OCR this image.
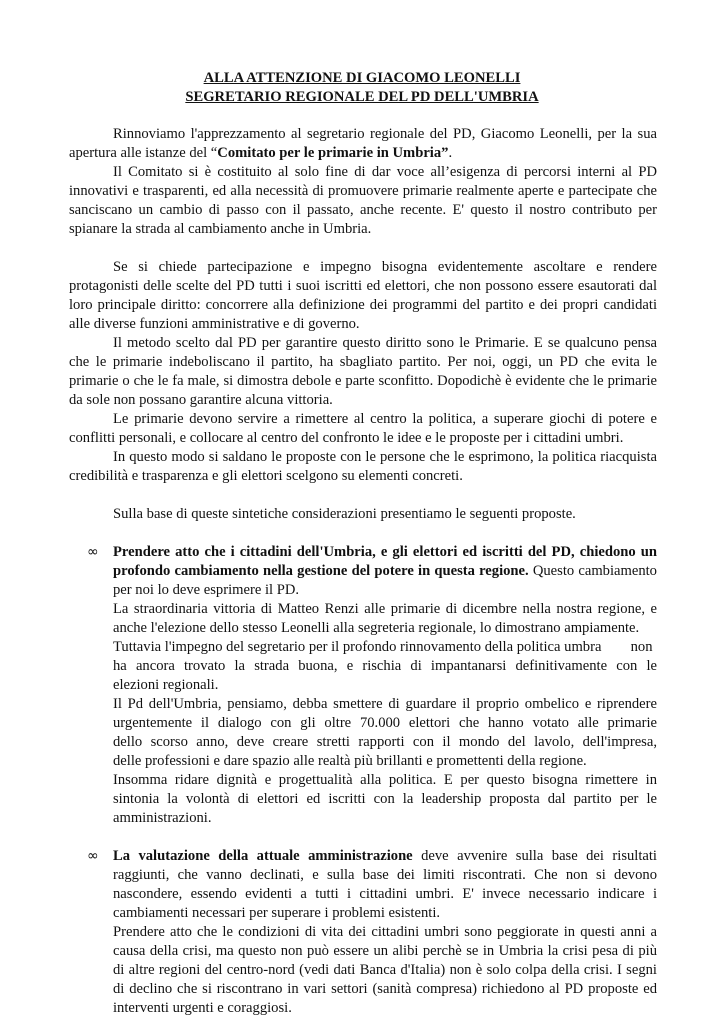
ALLA ATTENZIONE DI GIACOMO LEONELLI
SEGRETARIO REGIONALE DEL PD DELL'UMBRIA
Rinnoviamo l'apprezzamento al segretario regionale del PD, Giacomo Leonelli, per la sua
apertura alle istanze del “Comitato per le primarie in Umbria”.
Il Comitato si è costituito al solo fine di dar voce all’esigenza di percorsi interni al PD
innovativi e trasparenti, ed alla necessità di promuovere primarie realmente aperte e partecipate che
sanciscano un cambio di passo con il passato, anche recente. E' questo il nostro contributo per
spianare la strada al cambiamento anche in Umbria.
Se si chiede partecipazione e impegno bisogna evidentemente ascoltare e rendere
protagonisti delle scelte del PD tutti i suoi iscritti ed elettori, che non possono essere esautorati dal
loro principale diritto: concorrere alla definizione dei programmi del partito e dei propri candidati
alle diverse funzioni amministrative e di governo.
Il metodo scelto dal PD per garantire questo diritto sono le Primarie. E se qualcuno pensa
che le primarie indeboliscano il partito, ha sbagliato partito. Per noi, oggi, un PD che evita le
primarie o che le fa male, si dimostra debole e parte sconfitto. Dopodichè è evidente che le primarie
da sole non possano garantire alcuna vittoria.
Le primarie devono servire a rimettere al centro la politica, a superare giochi di potere e
conflitti personali, e collocare al centro del confronto le idee e le proposte per i cittadini umbri.
In questo modo si saldano le proposte con le persone che le esprimono, la politica riacquista
credibilità e trasparenza e gli elettori scelgono su elementi concreti.
Sulla base di queste sintetiche considerazioni presentiamo le seguenti proposte.
∞ Prendere atto che i cittadini dell'Umbria, e gli elettori ed iscritti del PD, chiedono un
profondo cambiamento nella gestione del potere in questa regione. Questo cambiamento
per noi lo deve esprimere il PD.
La straordinaria vittoria di Matteo Renzi alle primarie di dicembre nella nostra regione, e
anche l'elezione dello stesso Leonelli alla segreteria regionale, lo dimostrano ampiamente.
Tuttavia l'impegno del segretario per il profondo rinnovamento della politica umbra        non
ha ancora trovato la strada buona, e rischia di impantanarsi definitivamente con le
elezioni regionali.
Il Pd dell'Umbria, pensiamo, debba smettere di guardare il proprio ombelico e riprendere
urgentemente il dialogo con gli oltre 70.000 elettori che hanno votato alle primarie
dello scorso anno, deve creare stretti rapporti con il mondo del lavolo, dell'impresa,
delle professioni e dare spazio alle realtà più brillanti e promettenti della regione.
Insomma ridare dignità e progettualità alla politica. E per questo bisogna rimettere in
sintonia la volontà di elettori ed iscritti con la leadership proposta dal partito per le
amministrazioni.
∞ La valutazione della attuale amministrazione deve avvenire sulla base dei risultati
raggiunti, che vanno declinati, e sulla base dei limiti riscontrati. Che non si devono
nascondere, essendo evidenti a tutti i cittadini umbri. E' invece necessario indicare i
cambiamenti necessari per superare i problemi esistenti.
Prendere atto che le condizioni di vita dei cittadini umbri sono peggiorate in questi anni a
causa della crisi, ma questo non può essere un alibi perchè se in Umbria la crisi pesa di più
di altre regioni del centro-nord (vedi dati Banca d'Italia) non è solo colpa della crisi. I segni
di declino che si riscontrano in vari settori (sanità compresa) richiedono al PD proposte ed
interventi urgenti e coraggiosi.
